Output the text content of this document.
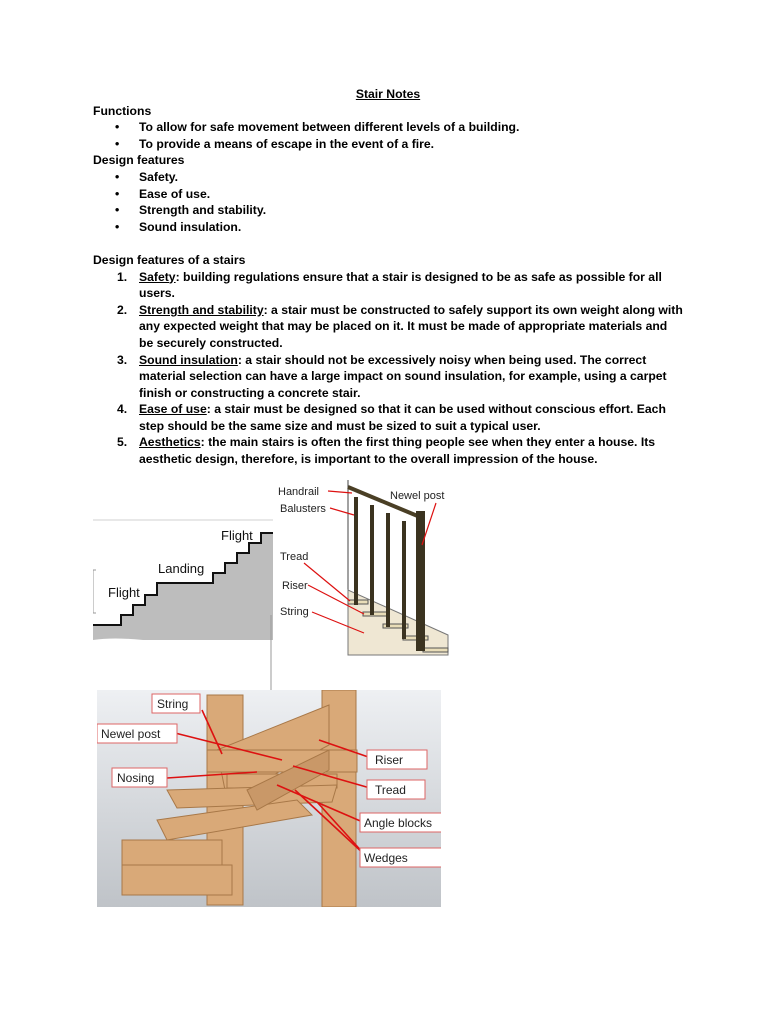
Stair Notes
Functions
• To allow for safe movement between different levels of a building.
• To provide a means of escape in the event of a fire.
Design features
• Safety.
• Ease of use.
• Strength and stability.
• Sound insulation.
Design features of a stairs
1. Safety: building regulations ensure that a stair is designed to be as safe as possible for all users.
2. Strength and stability: a stair must be constructed to safely support its own weight along with any expected weight that may be placed on it. It must be made of appropriate materials and be securely constructed.
3. Sound insulation: a stair should not be excessively noisy when being used. The correct material selection can have a large impact on sound insulation, for example, using a carpet finish or constructing a concrete stair.
4. Ease of use: a stair must be designed so that it can be used without conscious effort. Each step should be the same size and must be sized to suit a typical user.
5. Aesthetics: the main stairs is often the first thing people see when they enter a house. Its aesthetic design, therefore, is important to the overall impression of the house.
Flight
Landing
Flight
Handrail	Newel post
Balusters
Tread
Riser
String
String
Newel post
Nosing
Riser
Tread
Angle blocks
Wedges
